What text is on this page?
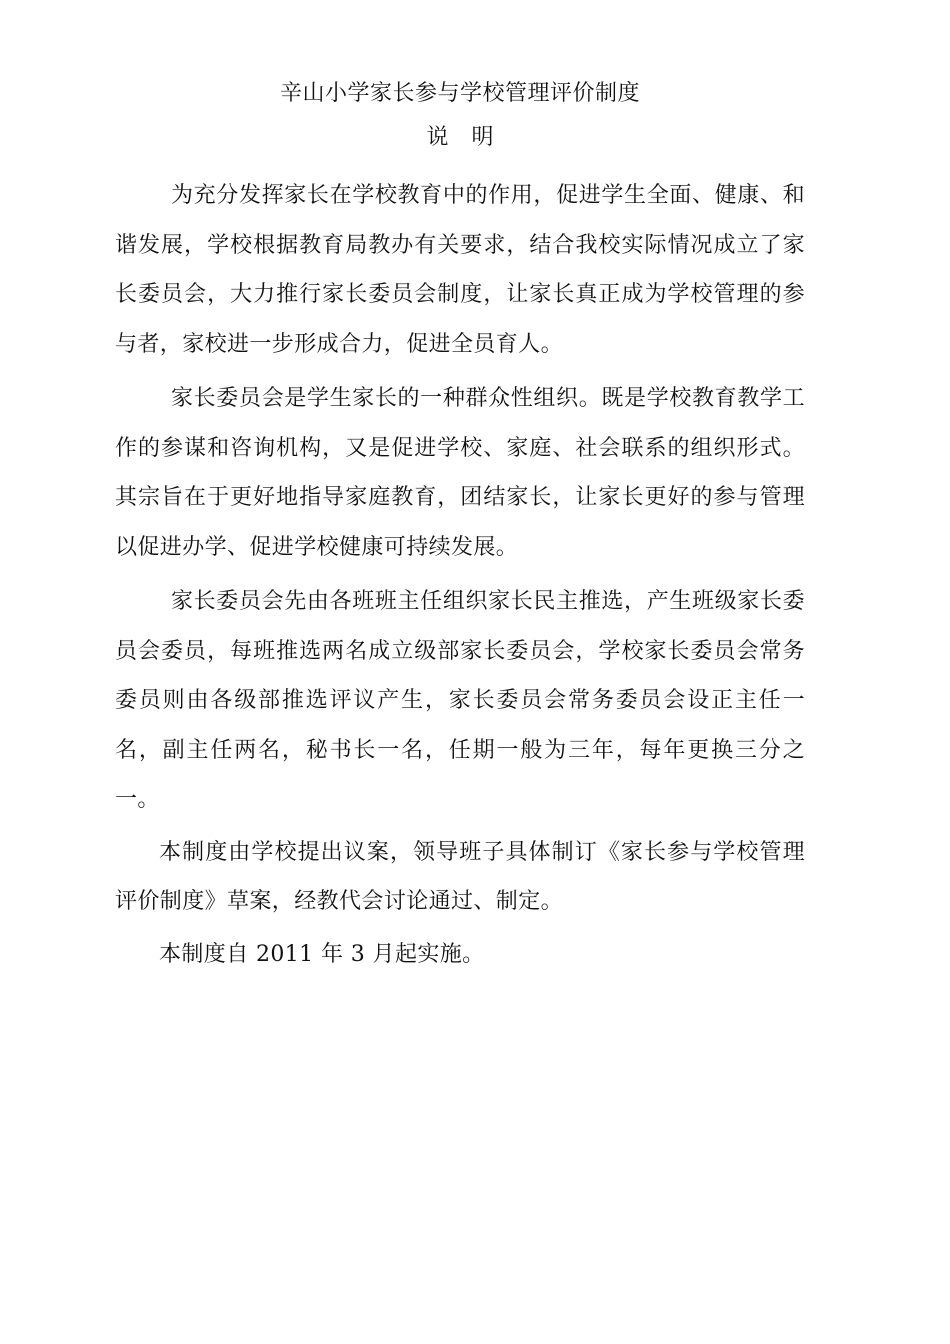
辛山小学家长参与学校管理评价制度
说 明

为充分发挥家长在学校教育中的作用，促进学生全面、健康、和谐发展，学校根据教育局教办有关要求，结合我校实际情况成立了家长委员会，大力推行家长委员会制度，让家长真正成为学校管理的参与者，家校进一步形成合力，促进全员育人。

家长委员会是学生家长的一种群众性组织。既是学校教育教学工作的参谋和咨询机构，又是促进学校、家庭、社会联系的组织形式。其宗旨在于更好地指导家庭教育，团结家长，让家长更好的参与管理以促进办学、促进学校健康可持续发展。

家长委员会先由各班班主任组织家长民主推选，产生班级家长委员会委员，每班推选两名成立级部家长委员会，学校家长委员会常务委员则由各级部推选评议产生，家长委员会常务委员会设正主任一名，副主任两名，秘书长一名，任期一般为三年，每年更换三分之一。

本制度由学校提出议案，领导班子具体制订《家长参与学校管理评价制度》草案，经教代会讨论通过、制定。

本制度自 2011 年 3 月起实施。
